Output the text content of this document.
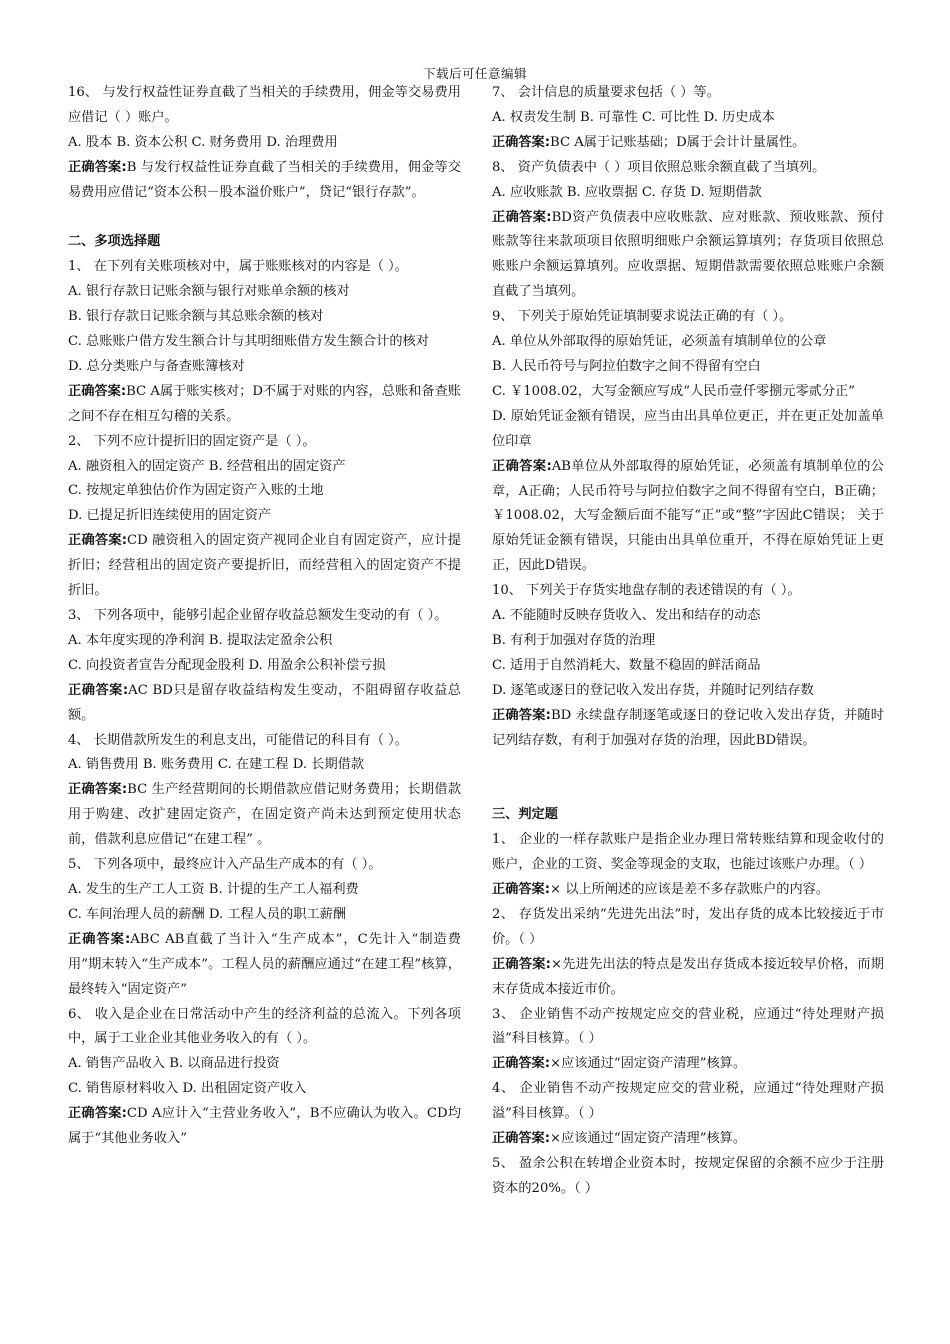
下载后可任意编辑

16、 与发行权益性证券直截了当相关的手续费用，佣金等交易费用应借记（ ）账户。

A. 股本 B. 资本公积 C. 财务费用 D. 治理费用

正确答案:B 与发行权益性证券直截了当相关的手续费用，佣金等交易费用应借记“资本公积－股本溢价账户”，贷记“银行存款”。

二、多项选择题

1、 在下列有关账项核对中，属于账账核对的内容是（ ）。

A. 银行存款日记账余额与银行对账单余额的核对

B. 银行存款日记账余额与其总账余额的核对

C. 总账账户借方发生额合计与其明细账借方发生额合计的核对

D. 总分类账户与备查账簿核对

正确答案:BC A属于账实核对；D不属于对账的内容，总账和备查账之间不存在相互勾稽的关系。

2、 下列不应计提折旧的固定资产是（ ）。

A. 融资租入的固定资产 B. 经营租出的固定资产

C. 按规定单独估价作为固定资产入账的土地

D. 已提足折旧连续使用的固定资产

正确答案:CD 融资租入的固定资产视同企业自有固定资产，应计提折旧；经营租出的固定资产要提折旧，而经营租入的固定资产不提折旧。

3、 下列各项中，能够引起企业留存收益总额发生变动的有（ ）。

A. 本年度实现的净利润 B. 提取法定盈余公积

C. 向投资者宣告分配现金股利 D. 用盈余公积补偿亏损

正确答案:AC BD只是留存收益结构发生变动，不阻碍留存收益总额。

4、 长期借款所发生的利息支出，可能借记的科目有（ ）。

A. 销售费用 B. 账务费用 C. 在建工程 D. 长期借款

正确答案:BC 生产经营期间的长期借款应借记财务费用；长期借款用于购建、改扩建固定资产，在固定资产尚未达到预定使用状态前，借款利息应借记“在建工程” 。

5、 下列各项中，最终应计入产品生产成本的有（ ）。

A. 发生的生产工人工资 B. 计提的生产工人福利费

C. 车间治理人员的薪酬 D. 工程人员的职工薪酬

正确答案:ABC AB直截了当计入“生产成本”，C先计入“制造费用”期末转入“生产成本”。工程人员的薪酬应通过“在建工程”核算，最终转入“固定资产”

6、 收入是企业在日常活动中产生的经济利益的总流入。下列各项中，属于工业企业其他业务收入的有（ ）。

A. 销售产品收入 B. 以商品进行投资

C. 销售原材料收入 D. 出租固定资产收入

正确答案:CD A应计入“主营业务收入”，B不应确认为收入。CD均属于“其他业务收入”

7、 会计信息的质量要求包括（ ）等。

A. 权责发生制 B. 可靠性 C. 可比性 D. 历史成本

正确答案:BC A属于记账基础；D属于会计计量属性。

8、 资产负债表中（ ）项目依照总账余额直截了当填列。

A. 应收账款 B. 应收票据 C. 存货 D. 短期借款

正确答案:BD资产负债表中应收账款、应对账款、预收账款、预付账款等往来款项项目依照明细账户余额运算填列；存货项目依照总账账户余额运算填列。应收票据、短期借款需要依照总账账户余额直截了当填列。

9、 下列关于原始凭证填制要求说法正确的有（ ）。

A. 单位从外部取得的原始凭证，必须盖有填制单位的公章

B. 人民币符号与阿拉伯数字之间不得留有空白

C. ￥1008.02，大写金额应写成“人民币壹仟零捌元零贰分正”

D. 原始凭证金额有错误，应当由出具单位更正，并在更正处加盖单位印章

正确答案:AB单位从外部取得的原始凭证，必须盖有填制单位的公章，A正确；人民币符号与阿拉伯数字之间不得留有空白，B正确；￥1008.02，大写金额后面不能写“正”或“整”字因此C错误； 关于原始凭证金额有错误，只能由出具单位重开，不得在原始凭证上更正，因此D错误。

10、 下列关于存货实地盘存制的表述错误的有（ ）。

A. 不能随时反映存货收入、发出和结存的动态

B. 有利于加强对存货的治理

C. 适用于自然消耗大、数量不稳固的鲜活商品

D. 逐笔或逐日的登记收入发出存货，并随时记列结存数

正确答案:BD 永续盘存制逐笔或逐日的登记收入发出存货，并随时记列结存数，有利于加强对存货的治理，因此BD错误。

三、判定题

1、 企业的一样存款账户是指企业办理日常转账结算和现金收付的账户，企业的工资、奖金等现金的支取，也能过该账户办理。（ ）

正确答案:× 以上所阐述的应该是差不多存款账户的内容。

2、 存货发出采纳“先进先出法”时，发出存货的成本比较接近于市价。（ ）

正确答案:×先进先出法的特点是发出存货成本接近较早价格，而期末存货成本接近市价。

3、 企业销售不动产按规定应交的营业税，应通过“待处理财产损溢”科目核算。（ ）

正确答案:×应该通过“固定资产清理”核算。

4、 企业销售不动产按规定应交的营业税，应通过“待处理财产损溢”科目核算。（ ）

正确答案:×应该通过“固定资产清理”核算。

5、 盈余公积在转增企业资本时，按规定保留的余额不应少于注册资本的20%。（ ）
